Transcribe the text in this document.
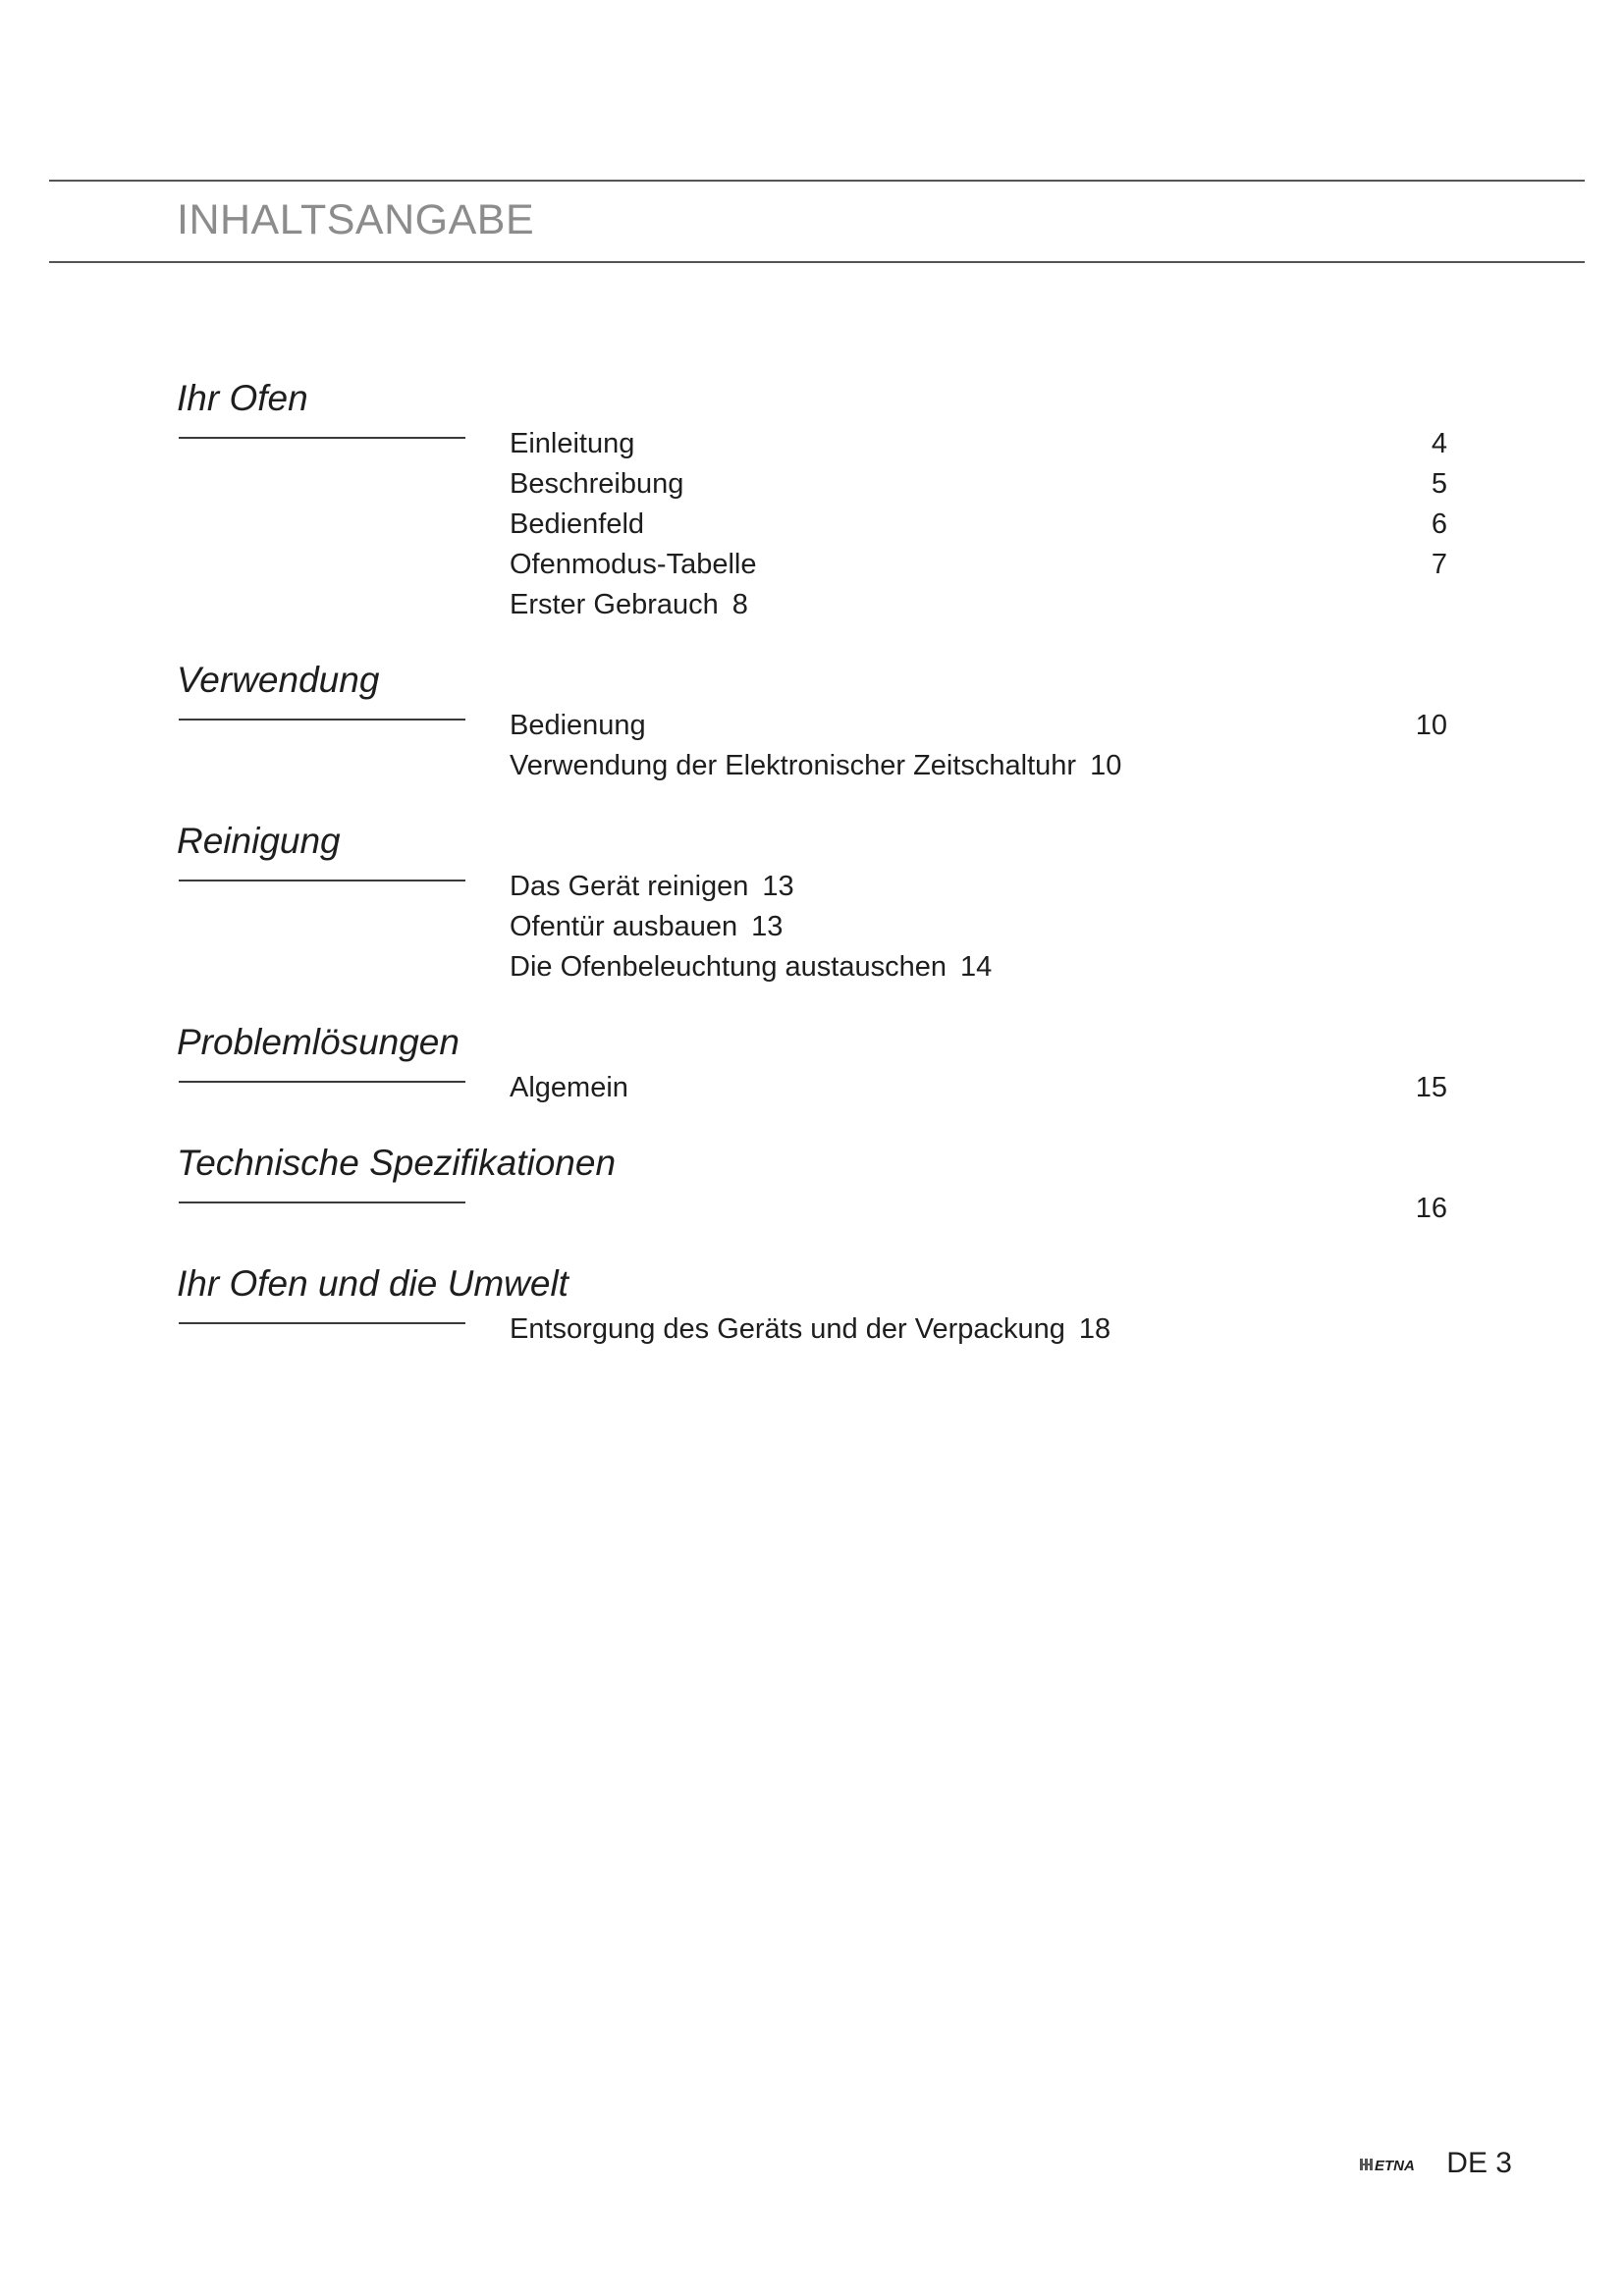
INHALTSANGABE
Ihr Ofen
Einleitung	4
Beschreibung	5
Bedienfeld	6
Ofenmodus-Tabelle	7
Erster Gebrauch 8
Verwendung
Bedienung	10
Verwendung der Elektronischer Zeitschaltuhr 10
Reinigung
Das Gerät reinigen 13
Ofentür ausbauen 13
Die Ofenbeleuchtung austauschen 14
Problemlösungen
Algemein	15
Technische Spezifikationen
16
Ihr Ofen und die Umwelt
Entsorgung des Geräts und der Verpackung 18
ETNA DE 3
